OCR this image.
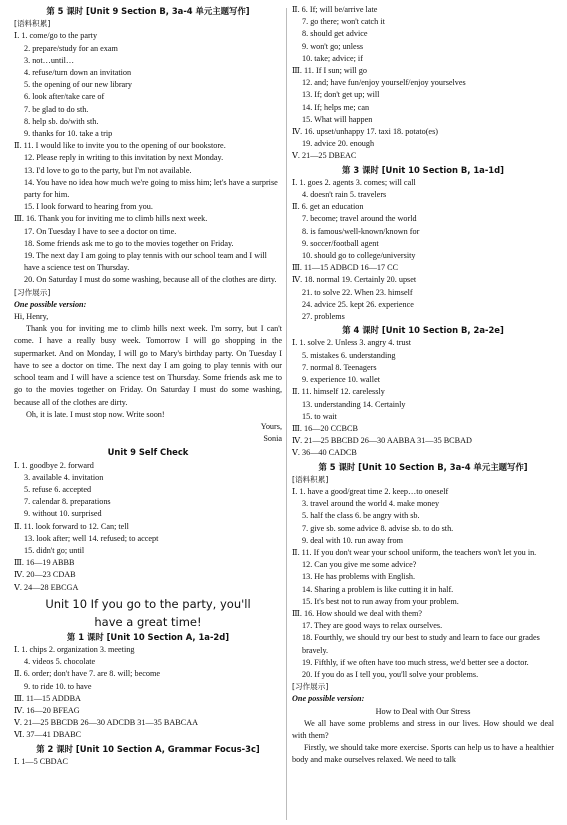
第 5 课时 [Unit 9 Section B, 3a-4 单元主题写作]
[语料积累]
Ⅰ. 1. come/go to the party
2. prepare/study for an exam
3. not…until…
4. refuse/turn down an invitation
5. the opening of our new library
6. look after/take care of
7. be glad to do sth.
8. help sb. do/with sth.
9. thanks for 10. take a trip
Ⅱ. 11. I would like to invite you to the opening of our bookstore.
12. Please reply in writing to this invitation by next Monday.
13. I'd love to go to the party, but I'm not available.
14. You have no idea how much we're going to miss him; let's have a surprise party for him.
15. I look forward to hearing from you.
Ⅲ. 16. Thank you for inviting me to climb hills next week.
17. On Tuesday I have to see a doctor on time.
18. Some friends ask me to go to the movies together on Friday.
19. The next day I am going to play tennis with our school team and I will have a science test on Thursday.
20. On Saturday I must do some washing, because all of the clothes are dirty.
[习作展示]
One possible version:
Hi, Henry,
Thank you for inviting me to climb hills next week. I'm sorry, but I can't come. I have a really busy week. Tomorrow I will go shopping in the supermarket. And on Monday, I will go to Mary's birthday party. On Tuesday I have to see a doctor on time. The next day I am going to play tennis with our school team and I will have a science test on Thursday. Some friends ask me to go to the movies together on Friday. On Saturday I must do some washing, because all of the clothes are dirty.
Oh, it is late. I must stop now. Write soon!
Yours,
Sonia
Unit 9 Self Check
Ⅰ. 1. goodbye 2. forward
3. available 4. invitation
5. refuse 6. accepted
7. calendar 8. preparations
9. without 10. surprised
Ⅱ. 11. look forward to 12. Can; tell
13. look after; well 14. refused; to accept
15. didn't go; until
Ⅲ. 16—19 ABBB
Ⅳ. 20—23 CDAB
Ⅴ. 24—28 EBCGA
Unit 10 If you go to the party, you'll
have a great time!
第 1 课时 [Unit 10 Section A, 1a-2d]
Ⅰ. 1. chips 2. organization 3. meeting
4. videos 5. chocolate
Ⅱ. 6. order; don't have 7. are 8. will; become
9. to ride 10. to have
Ⅲ. 11—15 ADDBA
Ⅳ. 16—20 BFEAG
Ⅴ. 21—25 BBCDB 26—30 ADCDB 31—35 BABCAA
Ⅵ. 37—41 DBABC
第 2 课时 [Unit 10 Section A, Grammar Focus-3c]
Ⅰ. 1—5 CBDAC
Ⅱ. 6. If; will be/arrive late
7. go there; won't catch it
8. should get advice
9. won't go; unless
10. take; advice; if
Ⅲ. 11. If I sun; will go
12. and; have fun/enjoy yourself/enjoy yourselves
13. If; don't get up; will
14. If; helps me; can
15. What will happen
Ⅳ. 16. upset/unhappy 17. taxi 18. potato(es)
19. advice 20. enough
Ⅴ. 21—25 DBEAC
第 3 课时 [Unit 10 Section B, 1a-1d]
Ⅰ. 1. goes 2. agents 3. comes; will call
4. doesn't rain 5. travelers
Ⅱ. 6. get an education
7. become; travel around the world
8. is famous/well-known/known for
9. soccer/football agent
10. should go to college/university
Ⅲ. 11—15 ADBCD 16—17 CC
Ⅳ. 18. normal 19. Certainly 20. upset
21. to solve 22. When 23. himself
24. advice 25. kept 26. experience
27. problems
第 4 课时 [Unit 10 Section B, 2a-2e]
Ⅰ. 1. solve 2. Unless 3. angry 4. trust
5. mistakes 6. understanding
7. normal 8. Teenagers
9. experience 10. wallet
Ⅱ. 11. himself 12. carelessly
13. understanding 14. Certainly
15. to wait
Ⅲ. 16—20 CCBCB
Ⅳ. 21—25 BBCBD 26—30 AABBA 31—35 BCBAD
Ⅴ. 36—40 CADCB
第 5 课时 [Unit 10 Section B, 3a-4 单元主题写作]
[语料积累]
Ⅰ. 1. have a good/great time 2. keep…to oneself
3. travel around the world 4. make money
5. half the class 6. be angry with sb.
7. give sb. some advice 8. advise sb. to do sth.
9. deal with 10. run away from
Ⅱ. 11. If you don't wear your school uniform, the teachers won't let you in.
12. Can you give me some advice?
13. He has problems with English.
14. Sharing a problem is like cutting it in half.
15. It's best not to run away from your problem.
Ⅲ. 16. How should we deal with them?
17. They are good ways to relax ourselves.
18. Fourthly, we should try our best to study and learn to face our grades bravely.
19. Fifthly, if we often have too much stress, we'd better see a doctor.
20. If you do as I tell you, you'll solve your problems.
[习作展示]
One possible version:
How to Deal with Our Stress
We all have some problems and stress in our lives. How should we deal with them?
Firstly, we should take more exercise. Sports can help us to have a healthier body and make ourselves relaxed. We need to talk
